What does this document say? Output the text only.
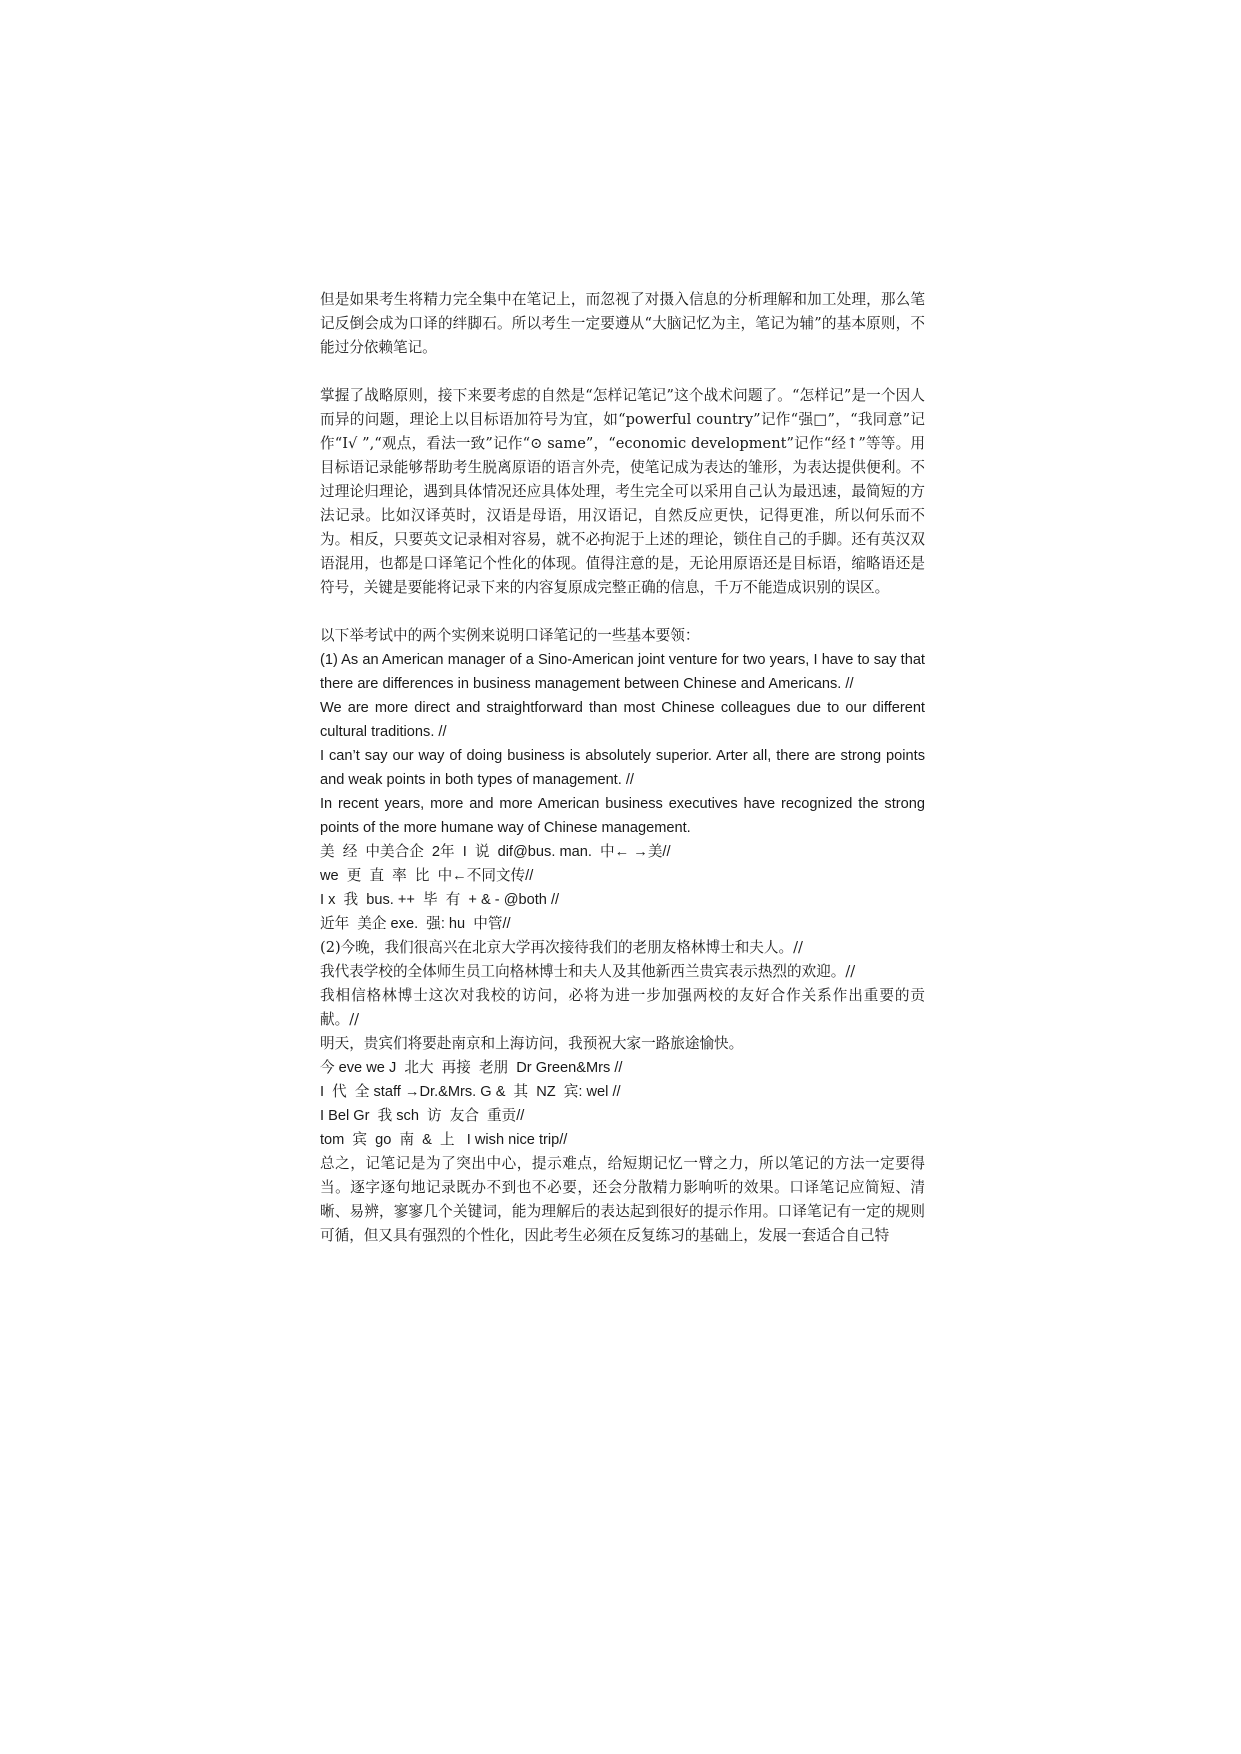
但是如果考生将精力完全集中在笔记上，而忽视了对摄入信息的分析理解和加工处理，那么笔记反倒会成为口译的绊脚石。所以考生一定要遵从“大脑记忆为主，笔记为辅”的基本原则，不能过分依赖笔记。

掌握了战略原则，接下来要考虑的自然是“怎样记笔记”这个战术问题了。“怎样记”是一个因人而异的问题，理论上以目标语加符号为宜，如“powerful country”记作“强□”，“我同意”记作“I√ ”,“观点，看法一致”记作“⊙ same”，“economic development”记作“经↑”等等。用目标语记录能够帮助考生脱离原语的语言外壳，使笔记成为表达的雏形，为表达提供便利。不过理论归理论，遇到具体情况还应具体处理，考生完全可以采用自己认为最迅速，最简短的方法记录。比如汉译英时，汉语是母语，用汉语记，自然反应更快，记得更准，所以何乐而不为。相反，只要英文记录相对容易，就不必拘泥于上述的理论，锁住自己的手脚。还有英汉双语混用，也都是口译笔记个性化的体现。值得注意的是，无论用原语还是目标语，缩略语还是符号，关键是要能将记录下来的内容复原成完整正确的信息，千万不能造成识别的误区。

以下举考试中的两个实例来说明口译笔记的一些基本要领：

(1) As an American manager of a Sino-American joint venture for two years, I have to say that there are differences in business management between Chinese and Americans. //

We are more direct and straightforward than most Chinese colleagues due to our different cultural traditions. //

I can’t say our way of doing business is absolutely superior. Arter all, there are strong points and weak points in both types of management. //

In recent years, more and more American business executives have recognized the strong points of the more humane way of Chinese management.

美  经  中美合企  2年  I  说  dif@bus. man.  中← →美//
we  更  直  率  比  中←不同文传//
I x  我  bus. ++  毕  有  + & - @both //
近年  美企 exe.  强: hu  中管//

(2)今晚，我们很高兴在北京大学再次接待我们的老朋友格林博士和夫人。//

我代表学校的全体师生员工向格林博士和夫人及其他新西兰贵宾表示热烈的欢迎。//

我相信格林博士这次对我校的访问，必将为进一步加强两校的友好合作关系作出重要的贡献。//

明天，贵宾们将要赴南京和上海访问，我预祝大家一路旅途愉快。

今 eve we J  北大  再接  老朋  Dr Green&Mrs //
I  代  全 staff →Dr.&Mrs. G &  其  NZ  宾: wel //
I Bel Gr  我 sch  访  友合  重贡//
tom  宾  go  南  &  上   I wish nice trip//

总之，记笔记是为了突出中心，提示难点，给短期记忆一臂之力，所以笔记的方法一定要得当。逐字逐句地记录既办不到也不必要，还会分散精力影响听的效果。口译笔记应简短、清晰、易辨，寥寥几个关键词，能为理解后的表达起到很好的提示作用。口译笔记有一定的规则可循，但又具有强烈的个性化，因此考生必须在反复练习的基础上，发展一套适合自己特
